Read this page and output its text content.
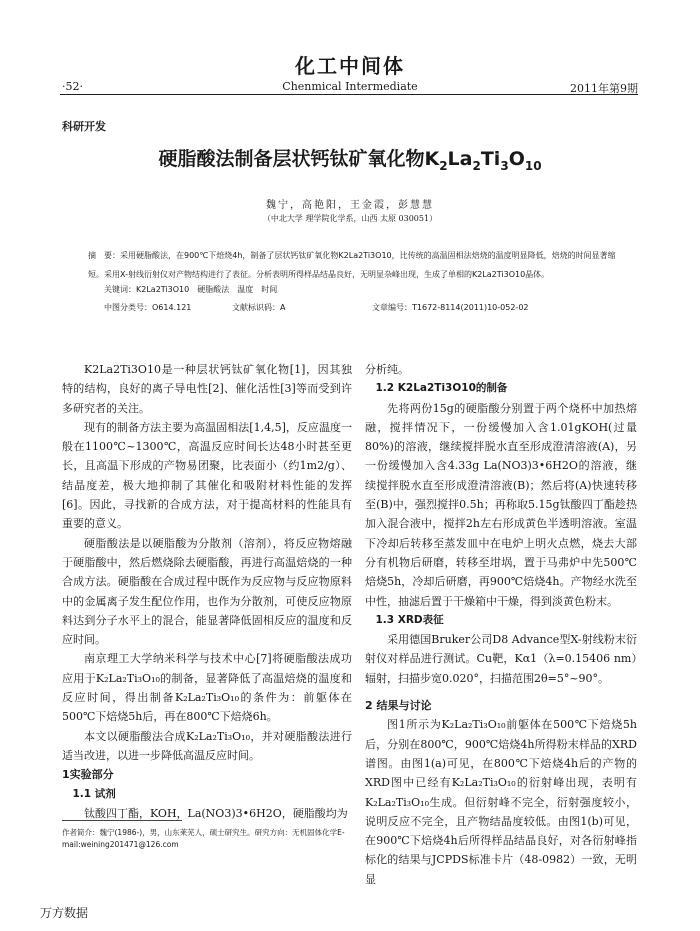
化工中间体
·52·	Chenmical Intermediate	2011年第9期
科研开发
硬脂酸法制备层状钙钛矿氧化物$K_2La_2Ti_3O_{10}$
魏宁，高艳阳，王金霞，彭慧慧
（中北大学 理学院化学系，山西 太原 030051）
摘　要：采用硬脂酸法，在900℃下焙烧4h，制备了层状钙钛矿氧化物K2La2Ti3O10，比传统的高温固相法焙烧的温度明显降低，焙烧的时间显著缩短。采用X-射线衍射仪对产物结构进行了表征。分析表明所得样品结晶良好，无明显杂峰出现，生成了单相的K2La2Ti3O10晶体。
关键词：K2La2Ti3O10　硬脂酸法　温度　时间
中图分类号：O614.121	文献标识码：A	文章编号：T1672-8114(2011)10-052-02

K2La2Ti3O10是一种层状钙钛矿氧化物[1]，因其独特的结构，良好的离子导电性[2]、催化活性[3]等而受到许多研究者的关注。

现有的制备方法主要为高温固相法[1,4,5]，反应温度一般在1100℃~1300℃，高温反应时间长达48小时甚至更长，且高温下形成的产物易团聚，比表面小（约1m2/g）、结晶度差，极大地抑制了其催化和吸附材料性能的发挥[6]。因此，寻找新的合成方法，对于提高材料的性能具有重要的意义。

硬脂酸法是以硬脂酸为分散剂（溶剂），将反应物熔融于硬脂酸中，然后燃烧除去硬脂酸，再进行高温焙烧的一种合成方法。硬脂酸在合成过程中既作为反应物与反应物原料中的金属离子发生配位作用，也作为分散剂，可使反应物原料达到分子水平上的混合，能显著降低固相反应的温度和反应时间。

南京理工大学纳米科学与技术中心[7]将硬脂酸法成功应用于K₂La₂Ti₃O₁₀的制备，显著降低了高温焙烧的温度和反应时间，得出制备K₂La₂Ti₃O₁₀的条件为：前躯体在500℃下焙烧5h后，再在800℃下焙烧6h。

本文以硬脂酸法合成K₂La₂Ti₃O₁₀，并对硬脂酸法进行适当改进，以进一步降低高温反应时间。

1实验部分

1.1 试剂

钛酸四丁酯，KOH，La(NO3)3•6H2O，硬脂酸均为

分析纯。

1.2 K2La2Ti3O10的制备

先将两份15g的硬脂酸分别置于两个烧杯中加热熔融，搅拌情况下，一份缓慢加入含1.01gKOH(过量80%)的溶液，继续搅拌脱水直至形成澄清溶液(A)，另一份缓慢加入含4.33g La(NO3)3•6H2O的溶液，继续搅拌脱水直至形成澄清溶液(B)；然后将(A)快速转移至(B)中，强烈搅拌0.5h；再称取5.15g钛酸四丁酯趁热加入混合液中，搅拌2h左右形成黄色半透明溶液。室温下冷却后转移至蒸发皿中在电炉上明火点燃，烧去大部分有机物后研磨，转移至坩埚，置于马弗炉中先500℃焙烧5h，冷却后研磨，再900℃焙烧4h。产物经水洗至中性，抽滤后置于干燥箱中干燥，得到淡黄色粉末。

1.3 XRD表征

采用德国Bruker公司D8 Advance型X-射线粉末衍射仪对样品进行测试。Cu靶，Kα1（λ=0.15406 nm）辐射，扫描步宽0.020°，扫描范围2θ=5°~90°。

2 结果与讨论

图1所示为K₂La₂Ti₃O₁₀前躯体在500℃下焙烧5h后，分别在800℃，900℃焙烧4h所得粉末样品的XRD谱图。由图1(a)可见，在800℃下焙烧4h后的产物的XRD图中已经有K₂La₂Ti₃O₁₀的衍射峰出现，表明有K₂La₂Ti₃O₁₀生成。但衍射峰不完全，衍射强度较小，说明反应不完全，且产物结晶度较低。由图1(b)可见，在900℃下焙烧4h后所得样品结晶良好，对各衍射峰指标化的结果与JCPDS标准卡片（48-0982）一致，无明显

作者简介：魏宁(1986-)，男，山东莱芜人，硕士研究生。研究方向：无机固体化学E-mail:weining201471@126.com
万方数据
